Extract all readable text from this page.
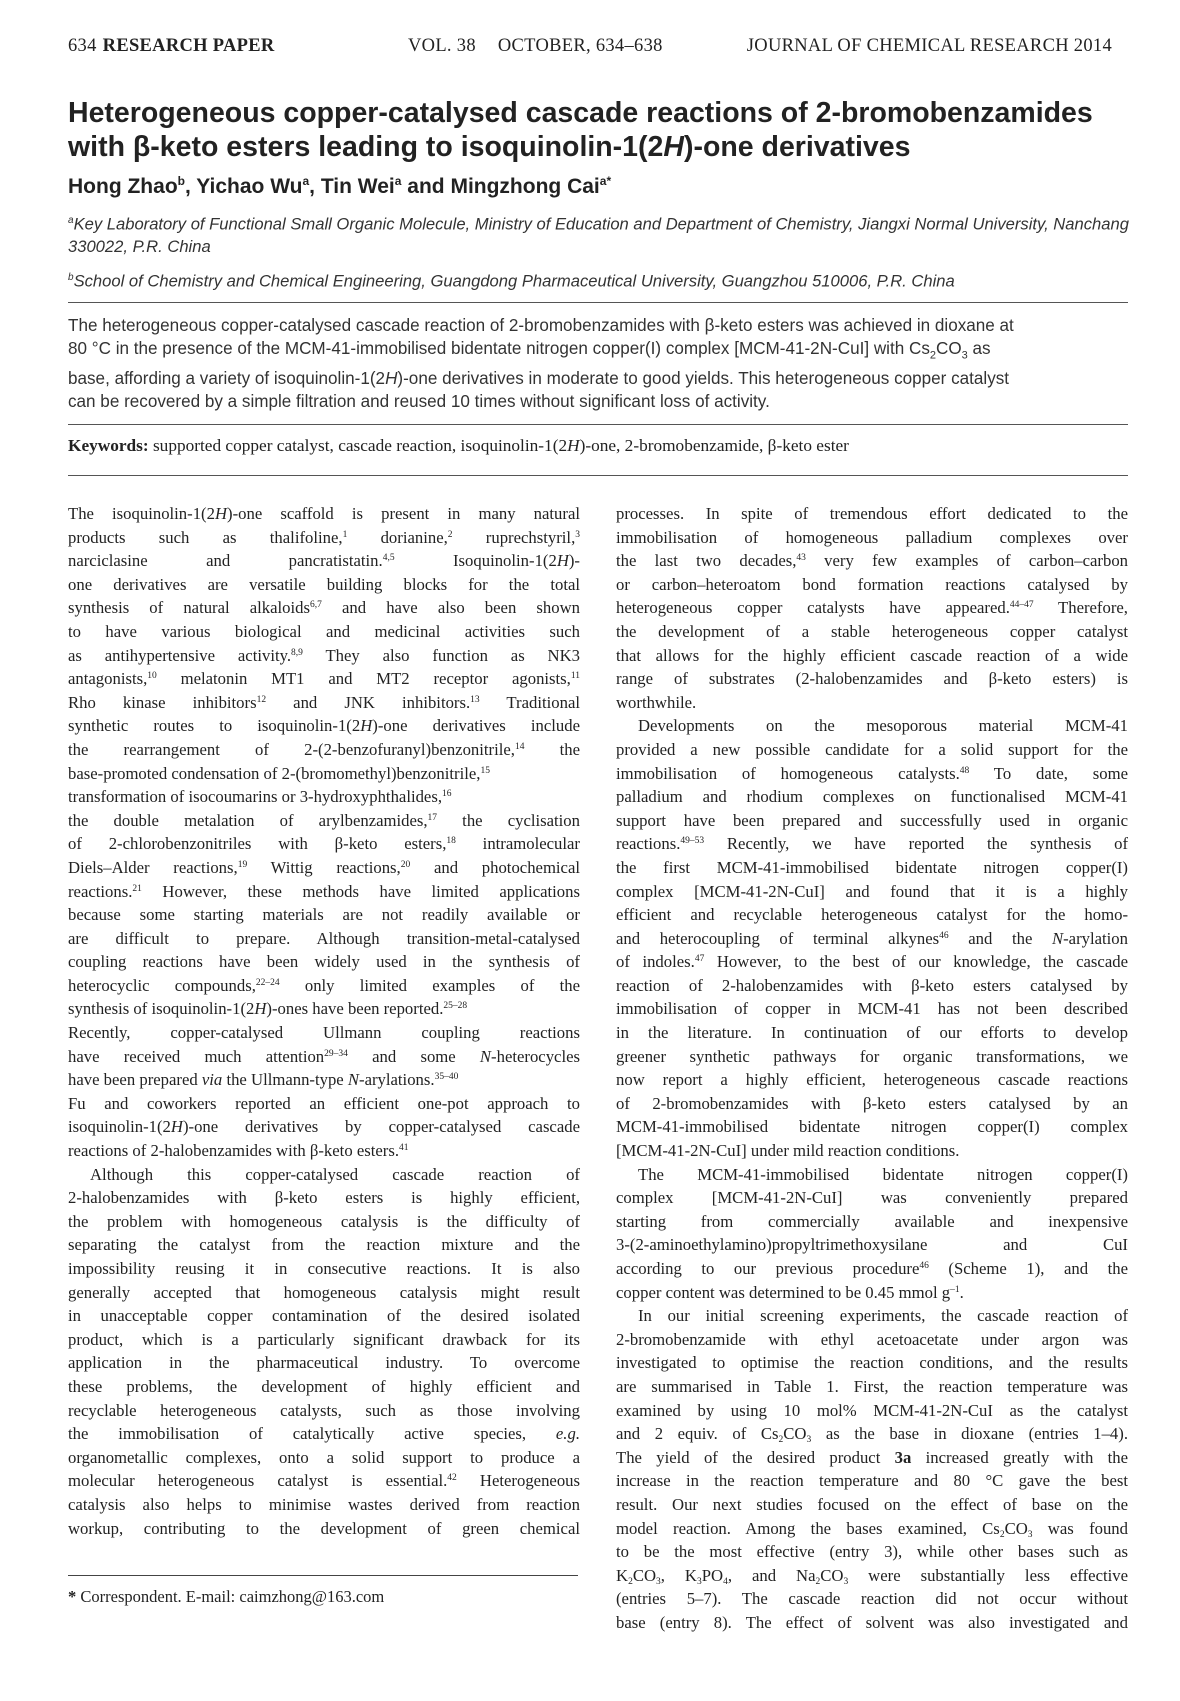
634 RESEARCH PAPER	VOL. 38 OCTOBER, 634–638	JOURNAL OF CHEMICAL RESEARCH 2014
Heterogeneous copper-catalysed cascade reactions of 2-bromobenzamides
with β-keto esters leading to isoquinolin-1(2H)-one derivatives
Hong Zhao$^b$, Yichao Wu$^a$, Tin Wei$^a$ and Mingzhong Cai$^{a*}$
$^a$Key Laboratory of Functional Small Organic Molecule, Ministry of Education and Department of Chemistry, Jiangxi Normal University, Nanchang
330022, P.R. China
$^b$School of Chemistry and Chemical Engineering, Guangdong Pharmaceutical University, Guangzhou 510006, P.R. China
The heterogeneous copper-catalysed cascade reaction of 2-bromobenzamides with β-keto esters was achieved in dioxane at
80 °C in the presence of the MCM-41-immobilised bidentate nitrogen copper(I) complex [MCM-41-2N-CuI] with $Cs_2CO_3$ as
base, affording a variety of isoquinolin-1(2H)-one derivatives in moderate to good yields. This heterogeneous copper catalyst
can be recovered by a simple filtration and reused 10 times without significant loss of activity.
Keywords: supported copper catalyst, cascade reaction, isoquinolin-1(2H)-one, 2-bromobenzamide, β-keto ester
The isoquinolin-1(2H)-one scaffold is present in many natural
products such as thalifoline,$^1$ dorianine,$^2$ ruprechstyril,$^3$
narciclasine and pancratistatin.$^{4,5}$ Isoquinolin-1(2H)-
one derivatives are versatile building blocks for the total
synthesis of natural alkaloids$^{6,7}$ and have also been shown
to have various biological and medicinal activities such
as antihypertensive activity.$^{8,9}$ They also function as NK3
antagonists,$^{10}$ melatonin MT1 and MT2 receptor agonists,$^{11}$
Rho kinase inhibitors$^{12}$ and JNK inhibitors.$^{13}$ Traditional
synthetic routes to isoquinolin-1(2H)-one derivatives include
the rearrangement of 2-(2-benzofuranyl)benzonitrile,$^{14}$ the
base-promoted condensation of 2-(bromomethyl)benzonitrile,$^{15}$
transformation of isocoumarins or 3-hydroxyphthalides,$^{16}$
the double metalation of arylbenzamides,$^{17}$ the cyclisation
of 2-chlorobenzonitriles with β-keto esters,$^{18}$ intramolecular
Diels–Alder reactions,$^{19}$ Wittig reactions,$^{20}$ and photochemical
reactions.$^{21}$ However, these methods have limited applications
because some starting materials are not readily available or
are difficult to prepare. Although transition-metal-catalysed
coupling reactions have been widely used in the synthesis of
heterocyclic compounds,$^{22-24}$ only limited examples of the
synthesis of isoquinolin-1(2H)-ones have been reported.$^{25-28}$
Recently, copper-catalysed Ullmann coupling reactions
have received much attention$^{29-34}$ and some N-heterocycles
have been prepared via the Ullmann-type N-arylations.$^{35-40}$
Fu and coworkers reported an efficient one-pot approach to
isoquinolin-1(2H)-one derivatives by copper-catalysed cascade
reactions of 2-halobenzamides with β-keto esters.$^{41}$
Although this copper-catalysed cascade reaction of
2-halobenzamides with β-keto esters is highly efficient,
the problem with homogeneous catalysis is the difficulty of
separating the catalyst from the reaction mixture and the
impossibility reusing it in consecutive reactions. It is also
generally accepted that homogeneous catalysis might result
in unacceptable copper contamination of the desired isolated
product, which is a particularly significant drawback for its
application in the pharmaceutical industry. To overcome
these problems, the development of highly efficient and
recyclable heterogeneous catalysts, such as those involving
the immobilisation of catalytically active species, e.g.
organometallic complexes, onto a solid support to produce a
molecular heterogeneous catalyst is essential.$^{42}$ Heterogeneous
catalysis also helps to minimise wastes derived from reaction
workup, contributing to the development of green chemical
processes. In spite of tremendous effort dedicated to the
immobilisation of homogeneous palladium complexes over
the last two decades,$^{43}$ very few examples of carbon–carbon
or carbon–heteroatom bond formation reactions catalysed by
heterogeneous copper catalysts have appeared.$^{44-47}$ Therefore,
the development of a stable heterogeneous copper catalyst
that allows for the highly efficient cascade reaction of a wide
range of substrates (2-halobenzamides and β-keto esters) is
worthwhile.
Developments on the mesoporous material MCM-41
provided a new possible candidate for a solid support for the
immobilisation of homogeneous catalysts.$^{48}$ To date, some
palladium and rhodium complexes on functionalised MCM-41
support have been prepared and successfully used in organic
reactions.$^{49-53}$ Recently, we have reported the synthesis of
the first MCM-41-immobilised bidentate nitrogen copper(I)
complex [MCM-41-2N-CuI] and found that it is a highly
efficient and recyclable heterogeneous catalyst for the homo-
and heterocoupling of terminal alkynes$^{46}$ and the N-arylation
of indoles.$^{47}$ However, to the best of our knowledge, the cascade
reaction of 2-halobenzamides with β-keto esters catalysed by
immobilisation of copper in MCM-41 has not been described
in the literature. In continuation of our efforts to develop
greener synthetic pathways for organic transformations, we
now report a highly efficient, heterogeneous cascade reactions
of 2-bromobenzamides with β-keto esters catalysed by an
MCM-41-immobilised bidentate nitrogen copper(I) complex
[MCM-41-2N-CuI] under mild reaction conditions.
The MCM-41-immobilised bidentate nitrogen copper(I)
complex [MCM-41-2N-CuI] was conveniently prepared
starting from commercially available and inexpensive
3-(2-aminoethylamino)propyltrimethoxysilane and CuI
according to our previous procedure$^{46}$ (Scheme 1), and the
copper content was determined to be 0.45 mmol $g^{-1}$.
In our initial screening experiments, the cascade reaction of
2-bromobenzamide with ethyl acetoacetate under argon was
investigated to optimise the reaction conditions, and the results
are summarised in Table 1. First, the reaction temperature was
examined by using 10 mol% MCM-41-2N-CuI as the catalyst
and 2 equiv. of $Cs_2CO_3$ as the base in dioxane (entries 1–4).
The yield of the desired product 3a increased greatly with the
increase in the reaction temperature and 80 °C gave the best
result. Our next studies focused on the effect of base on the
model reaction. Among the bases examined, $Cs_2CO_3$ was found
to be the most effective (entry 3), while other bases such as
$K_2CO_3$, $K_3PO_4$, and $Na_2CO_3$ were substantially less effective
(entries 5–7). The cascade reaction did not occur without
base (entry 8). The effect of solvent was also investigated and
* Correspondent. E-mail: caimzhong@163.com
